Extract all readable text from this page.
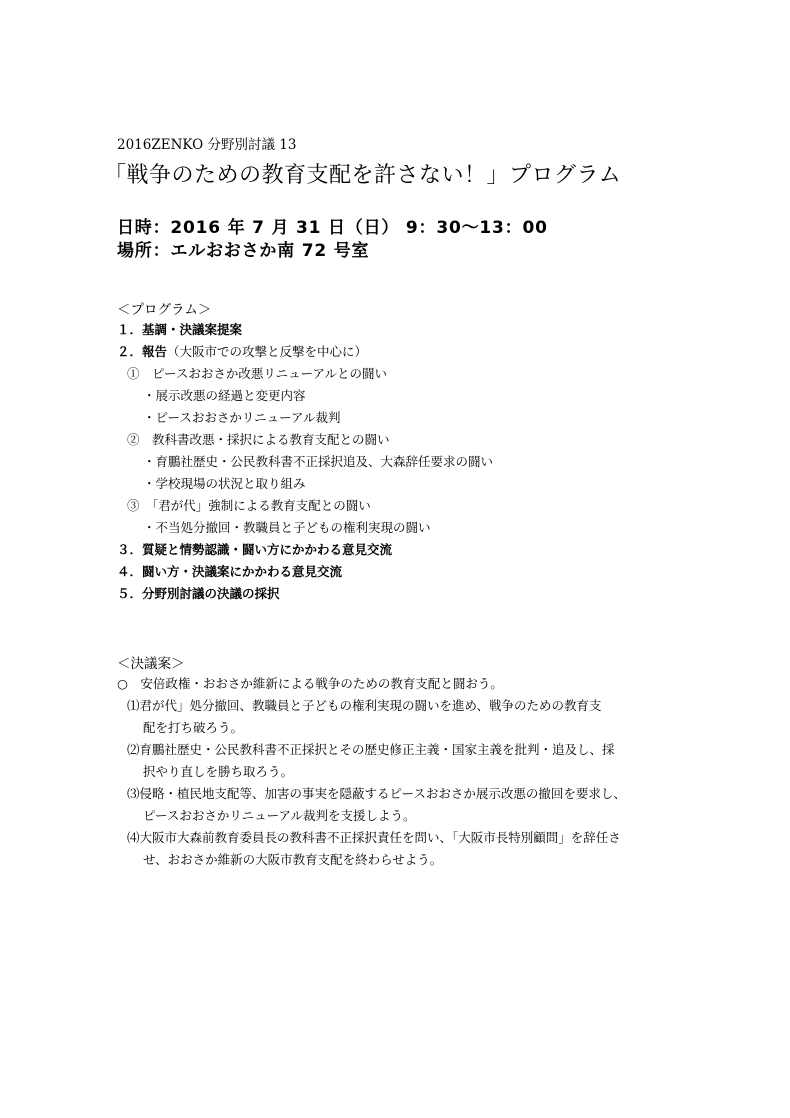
2016ZENKO 分野別討議 13
「戦争のための教育支配を許さない！」プログラム
日時：2016 年 7 月 31 日（日） 9：30〜13：00
場所：エルおおさか南 72 号室
＜プログラム＞
１．基調・決議案提案
２．報告（大阪市での攻撃と反撃を中心に）
①　ピースおおさか改悪リニューアルとの闘い
・展示改悪の経過と変更内容
・ピースおおさかリニューアル裁判
②　教科書改悪・採択による教育支配との闘い
・育鵬社歴史・公民教科書不正採択追及、大森辞任要求の闘い
・学校現場の状況と取り組み
③　「君が代」強制による教育支配との闘い
・不当処分撤回・教職員と子どもの権利実現の闘い
３．質疑と情勢認識・闘い方にかかわる意見交流
４．闘い方・決議案にかかわる意見交流
５．分野別討議の決議の採択
＜決議案＞
○　安倍政権・おおさか維新による戦争のための教育支配と闘おう。
⑴君が代」処分撤回、教職員と子どもの権利実現の闘いを進め、戦争のための教育支
配を打ち破ろう。
⑵育鵬社歴史・公民教科書不正採択とその歴史修正主義・国家主義を批判・追及し、採
択やり直しを勝ち取ろう。
⑶侵略・植民地支配等、加害の事実を隠蔽するピースおおさか展示改悪の撤回を要求し、
ピースおおさかリニューアル裁判を支援しよう。
⑷大阪市大森前教育委員長の教科書不正採択責任を問い、「大阪市長特別顧問」を辞任さ
せ、おおさか維新の大阪市教育支配を終わらせよう。
